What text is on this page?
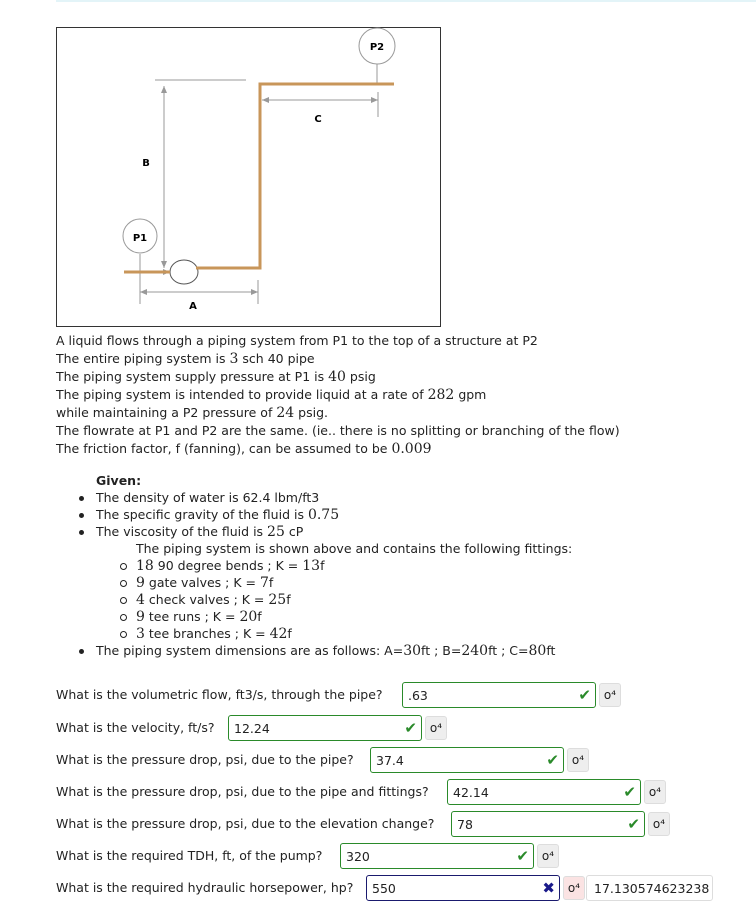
P1
P2
A
B
C
A liquid flows through a piping system from P1 to the top of a structure at P2
The entire piping system is 3 sch 40 pipe
The piping system supply pressure at P1 is 40 psig
The piping system is intended to provide liquid at a rate of 282 gpm
while maintaining a P2 pressure of 24 psig.
The flowrate at P1 and P2 are the same. (ie.. there is no splitting or branching of the flow)
The friction factor, f (fanning), can be assumed to be 0.009
Given:
The density of water is 62.4 lbm/ft3
The specific gravity of the fluid is 0.75
The viscosity of the fluid is 25 cP
The piping system is shown above and contains the following fittings:
18 90 degree bends ; K = 13f
9 gate valves ; K = 7f
4 check valves ; K = 25f
9 tee runs ; K = 20f
3 tee branches ; K = 42f
The piping system dimensions are as follows: A=30ft ; B=240ft ; C=80ft
What is the volumetric flow, ft3/s, through the pipe?	.63	✔	o⁴
What is the velocity, ft/s?	12.24	✔	o⁴
What is the pressure drop, psi, due to the pipe?	37.4	✔	o⁴
What is the pressure drop, psi, due to the pipe and fittings?	42.14	✔	o⁴
What is the pressure drop, psi, due to the elevation change?	78	✔	o⁴
What is the required TDH, ft, of the pump?	320	✔	o⁴
What is the required hydraulic horsepower, hp?	550	✖	o⁴	17.130574623238
